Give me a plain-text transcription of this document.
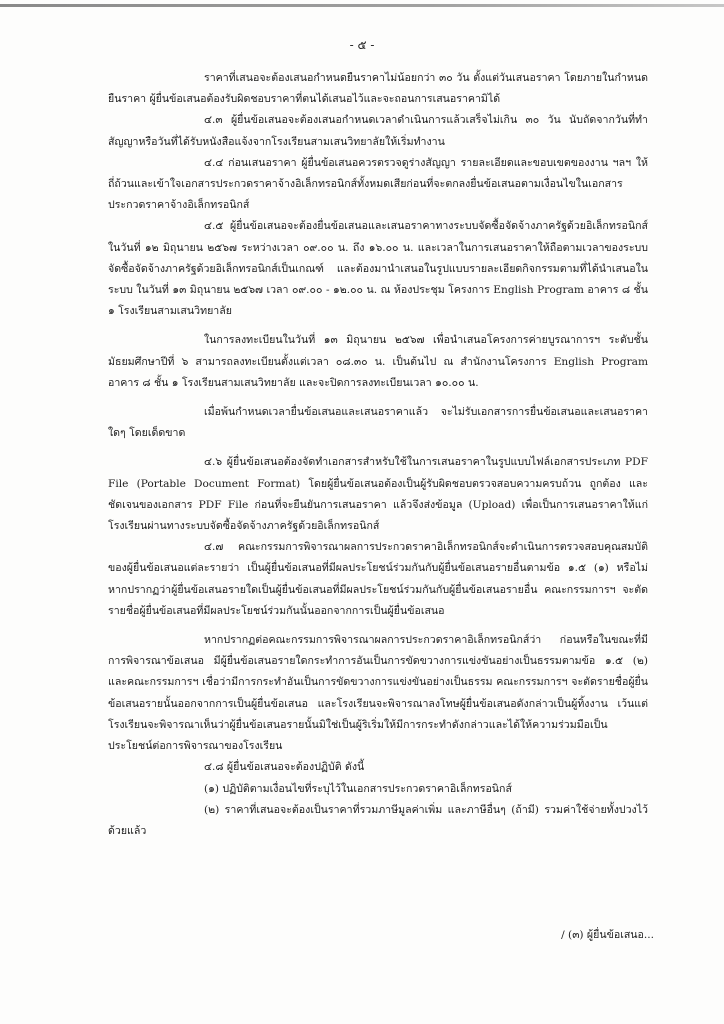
- ๕ -

ราคาที่เสนอจะต้องเสนอกำหนดยืนราคาไม่น้อยกว่า ๓๐ วัน ตั้งแต่วันเสนอราคา โดยภายในกำหนดยืนราคา ผู้ยื่นข้อเสนอต้องรับผิดชอบราคาที่ตนได้เสนอไว้และจะถอนการเสนอราคามิได้

๔.๓ ผู้ยื่นข้อเสนอจะต้องเสนอกำหนดเวลาดำเนินการแล้วเสร็จไม่เกิน ๓๐ วัน นับถัดจากวันที่ทำสัญญาหรือวันที่ได้รับหนังสือแจ้งจากโรงเรียนสามเสนวิทยาลัยให้เริ่มทำงาน

๔.๔ ก่อนเสนอราคา ผู้ยื่นข้อเสนอควรตรวจดูร่างสัญญา รายละเอียดและขอบเขตของงาน ฯลฯ ให้ถี่ถ้วนและเข้าใจเอกสารประกวดราคาจ้างอิเล็กทรอนิกส์ทั้งหมดเสียก่อนที่จะตกลงยื่นข้อเสนอตามเงื่อนไขในเอกสารประกวดราคาจ้างอิเล็กทรอนิกส์

๔.๕ ผู้ยื่นข้อเสนอจะต้องยื่นข้อเสนอและเสนอราคาทางระบบจัดซื้อจัดจ้างภาครัฐด้วยอิเล็กทรอนิกส์ในวันที่ ๑๒ มิถุนายน ๒๕๖๗ ระหว่างเวลา ๐๙.๐๐ น. ถึง ๑๖.๐๐ น. และเวลาในการเสนอราคาให้ถือตามเวลาของระบบจัดซื้อจัดจ้างภาครัฐด้วยอิเล็กทรอนิกส์เป็นเกณฑ์ และต้องมานำเสนอในรูปแบบรายละเอียดกิจกรรมตามที่ได้นำเสนอในระบบ ในวันที่ ๑๓ มิถุนายน ๒๕๖๗ เวลา ๐๙.๐๐ - ๑๒.๐๐ น. ณ ห้องประชุม โครงการ English Program อาคาร ๘ ชั้น ๑ โรงเรียนสามเสนวิทยาลัย

ในการลงทะเบียนในวันที่ ๑๓ มิถุนายน ๒๕๖๗ เพื่อนำเสนอโครงการค่ายบูรณาการฯ ระดับชั้นมัธยมศึกษาปีที่ ๖ สามารถลงทะเบียนตั้งแต่เวลา ๐๘.๓๐ น. เป็นต้นไป ณ สำนักงานโครงการ English Program อาคาร ๘ ชั้น ๑ โรงเรียนสามเสนวิทยาลัย และจะปิดการลงทะเบียนเวลา ๑๐.๐๐ น.

เมื่อพ้นกำหนดเวลายื่นข้อเสนอและเสนอราคาแล้ว จะไม่รับเอกสารการยื่นข้อเสนอและเสนอราคาใดๆ โดยเด็ดขาด

๔.๖ ผู้ยื่นข้อเสนอต้องจัดทำเอกสารสำหรับใช้ในการเสนอราคาในรูปแบบไฟล์เอกสารประเภท PDF File (Portable Document Format) โดยผู้ยื่นข้อเสนอต้องเป็นผู้รับผิดชอบตรวจสอบความครบถ้วน ถูกต้อง และชัดเจนของเอกสาร PDF File ก่อนที่จะยืนยันการเสนอราคา แล้วจึงส่งข้อมูล (Upload) เพื่อเป็นการเสนอราคาให้แก่โรงเรียนผ่านทางระบบจัดซื้อจัดจ้างภาครัฐด้วยอิเล็กทรอนิกส์

๔.๗ คณะกรรมการพิจารณาผลการประกวดราคาอิเล็กทรอนิกส์จะดำเนินการตรวจสอบคุณสมบัติของผู้ยื่นข้อเสนอแต่ละรายว่า เป็นผู้ยื่นข้อเสนอที่มีผลประโยชน์ร่วมกันกับผู้ยื่นข้อเสนอรายอื่นตามข้อ ๑.๕ (๑) หรือไม่ หากปรากฏว่าผู้ยื่นข้อเสนอรายใดเป็นผู้ยื่นข้อเสนอที่มีผลประโยชน์ร่วมกันกับผู้ยื่นข้อเสนอรายอื่น คณะกรรมการฯ จะตัดรายชื่อผู้ยื่นข้อเสนอที่มีผลประโยชน์ร่วมกันนั้นออกจากการเป็นผู้ยื่นข้อเสนอ

หากปรากฏต่อคณะกรรมการพิจารณาผลการประกวดราคาอิเล็กทรอนิกส์ว่า ก่อนหรือในขณะที่มีการพิจารณาข้อเสนอ มีผู้ยื่นข้อเสนอรายใดกระทำการอันเป็นการขัดขวางการแข่งขันอย่างเป็นธรรมตามข้อ ๑.๕ (๒) และคณะกรรมการฯ เชื่อว่ามีการกระทำอันเป็นการขัดขวางการแข่งขันอย่างเป็นธรรม คณะกรรมการฯ จะตัดรายชื่อผู้ยื่นข้อเสนอรายนั้นออกจากการเป็นผู้ยื่นข้อเสนอ และโรงเรียนจะพิจารณาลงโทษผู้ยื่นข้อเสนอดังกล่าวเป็นผู้ทิ้งงาน เว้นแต่โรงเรียนจะพิจารณาเห็นว่าผู้ยื่นข้อเสนอรายนั้นมิใช่เป็นผู้ริเริ่มให้มีการกระทำดังกล่าวและได้ให้ความร่วมมือเป็นประโยชน์ต่อการพิจารณาของโรงเรียน

๔.๘ ผู้ยื่นข้อเสนอจะต้องปฏิบัติ ดังนี้

(๑) ปฏิบัติตามเงื่อนไขที่ระบุไว้ในเอกสารประกวดราคาอิเล็กทรอนิกส์

(๒) ราคาที่เสนอจะต้องเป็นราคาที่รวมภาษีมูลค่าเพิ่ม และภาษีอื่นๆ (ถ้ามี) รวมค่าใช้จ่ายทั้งปวงไว้ด้วยแล้ว

/ (๓) ผู้ยื่นข้อเสนอ...
